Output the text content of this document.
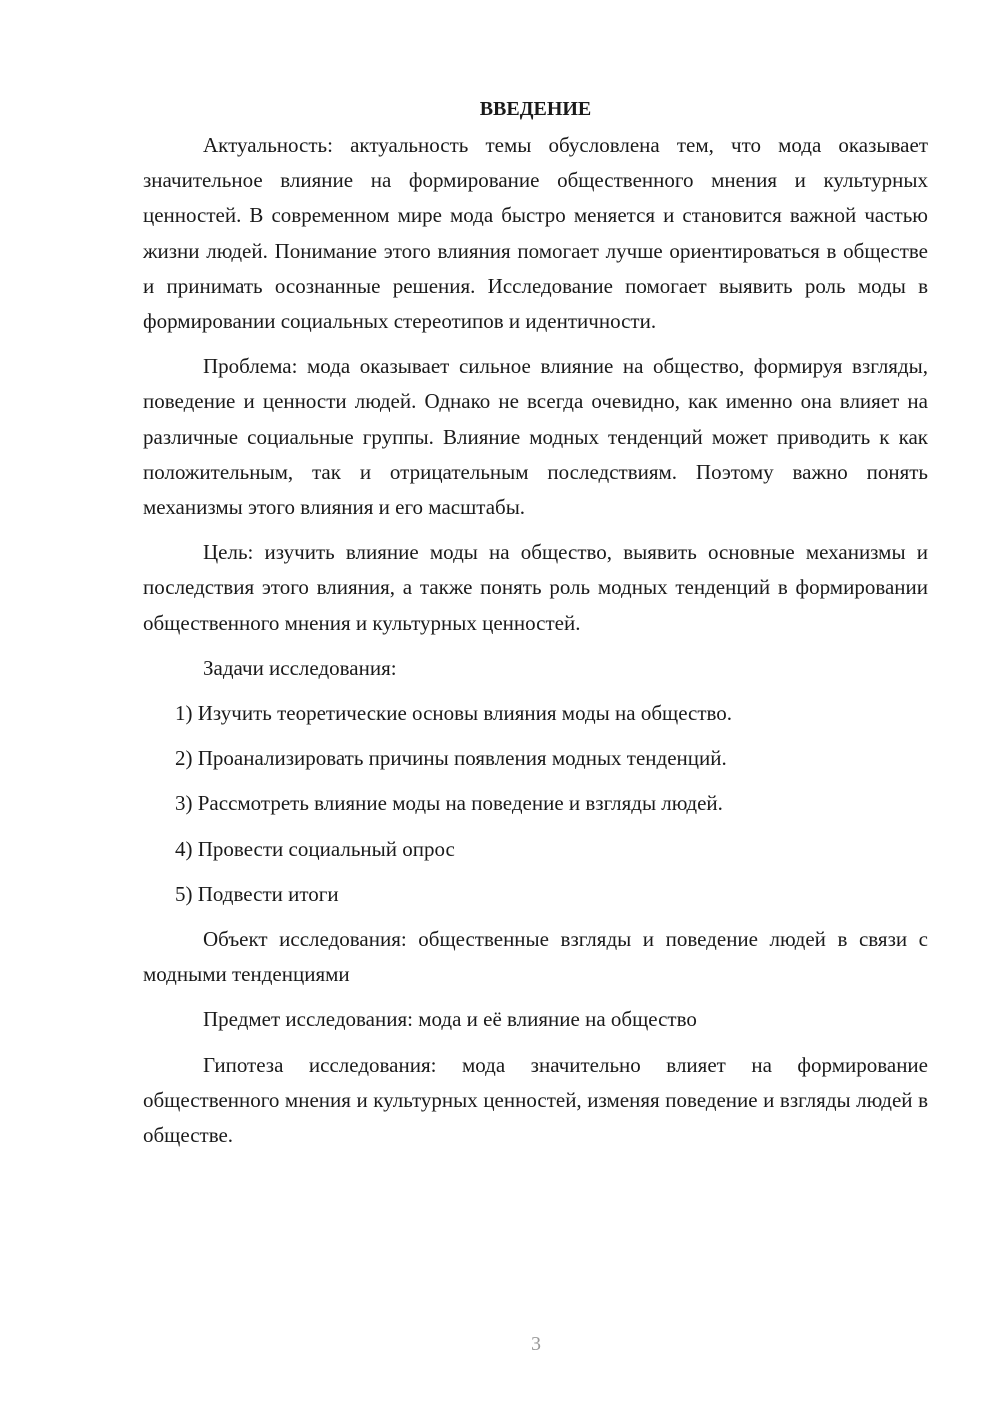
ВВЕДЕНИЕ

Актуальность: актуальность темы обусловлена тем, что мода оказывает значительное влияние на формирование общественного мнения и культурных ценностей. В современном мире мода быстро меняется и становится важной частью жизни людей. Понимание этого влияния помогает лучше ориентироваться в обществе и принимать осознанные решения. Исследование помогает выявить роль моды в формировании социальных стереотипов и идентичности.

Проблема: мода оказывает сильное влияние на общество, формируя взгляды, поведение и ценности людей. Однако не всегда очевидно, как именно она влияет на различные социальные группы. Влияние модных тенденций может приводить к как положительным, так и отрицательным последствиям. Поэтому важно понять механизмы этого влияния и его масштабы.

Цель: изучить влияние моды на общество, выявить основные механизмы и последствия этого влияния, а также понять роль модных тенденций в формировании общественного мнения и культурных ценностей.

Задачи исследования:

1) Изучить теоретические основы влияния моды на общество.

2) Проанализировать причины появления модных тенденций.

3) Рассмотреть влияние моды на поведение и взгляды людей.

4) Провести социальный опрос

5) Подвести итоги

Объект исследования: общественные взгляды и поведение людей в связи с модными тенденциями

Предмет исследования: мода и её влияние на общество

Гипотеза исследования: мода значительно влияет на формирование общественного мнения и культурных ценностей, изменяя поведение и взгляды людей в обществе.

3
